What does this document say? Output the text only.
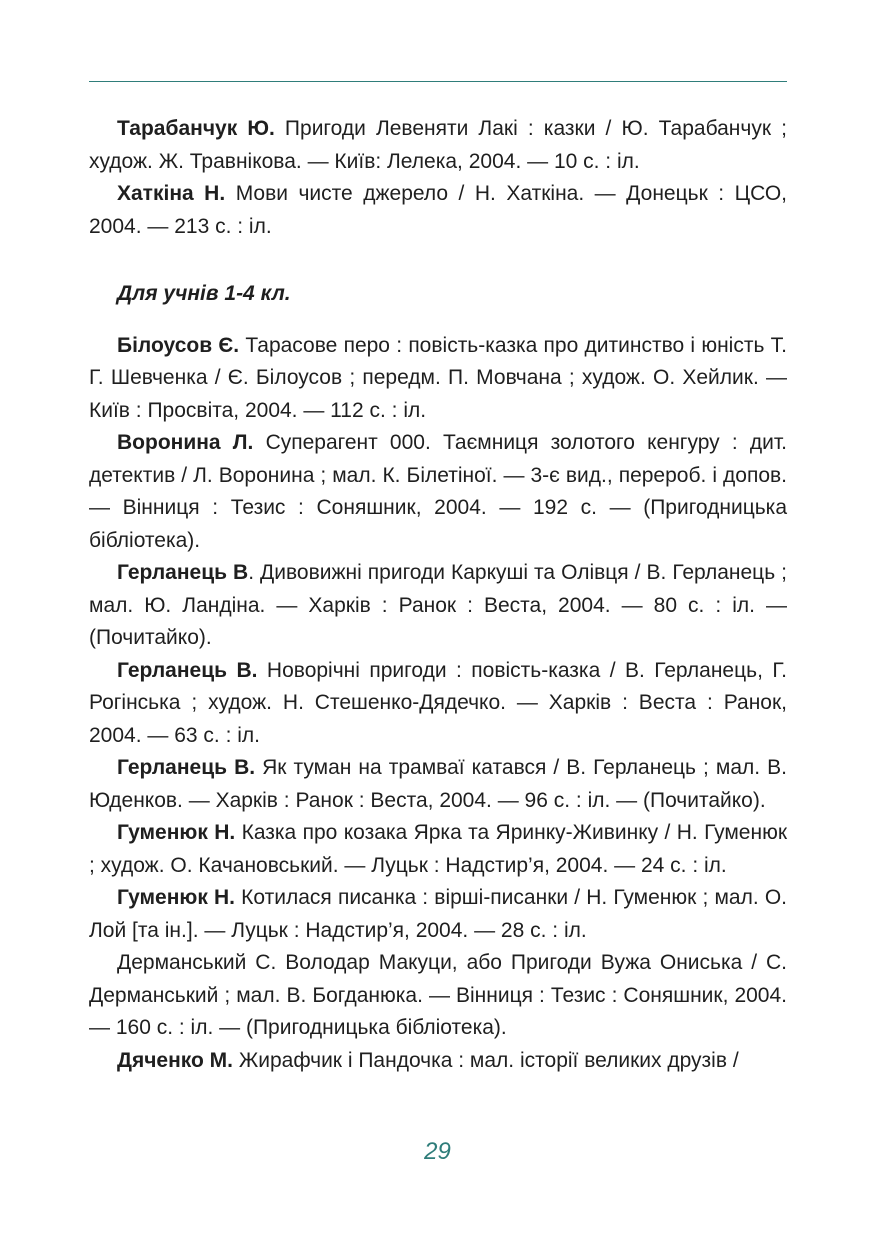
Тарабанчук Ю. Пригоди Левеняти Лакі : казки / Ю. Тарабанчук ; худож. Ж. Травнікова. — Київ: Лелека, 2004. — 10 с. : іл.

Хаткіна Н. Мови чисте джерело / Н. Хаткіна. — Донецьк : ЦСО, 2004. — 213 с. : іл.

Для учнів 1-4 кл.

Білоусов Є. Тарасове перо : повість-казка про дитинство і юність Т. Г. Шевченка / Є. Білоусов ; передм. П. Мовчана ; худож. О. Хейлик. — Київ : Просвіта, 2004. — 112 с. : іл.

Воронина Л. Суперагент 000. Таємниця золотого кенгуру : дит. детектив / Л. Воронина ; мал. К. Білетіної. — 3-є вид., перероб. і допов. — Вінниця : Тезис : Соняшник, 2004. — 192 с. — (Пригодницька бібліотека).

Герланець В. Дивовижні пригоди Каркуші та Олівця / В. Герланець ; мал. Ю. Ландіна. — Харків : Ранок : Веста, 2004. — 80 с. : іл. — (Почитайко).

Герланець В. Новорічні пригоди : повість-казка / В. Герланець, Г. Рогінська ; худож. Н. Стешенко-Дядечко. — Харків : Веста : Ранок, 2004. — 63 с. : іл.

Герланець В. Як туман на трамваї катався / В. Герланець ; мал. В. Юденков. — Харків : Ранок : Веста, 2004. — 96 с. : іл. — (Почитайко).

Гуменюк Н. Казка про козака Ярка та Яринку-Живинку / Н. Гуменюк ; худож. О. Качановський. — Луцьк : Надстир’я, 2004. — 24 с. : іл.

Гуменюк Н. Котилася писанка : вірші-писанки / Н. Гуменюк ; мал. О. Лой [та ін.]. — Луцьк : Надстир’я, 2004. — 28 с. : іл.

Дерманський С. Володар Макуци, або Пригоди Вужа Ониська / С. Дерманський ; мал. В. Богданюка. — Вінниця : Тезис : Соняшник, 2004. — 160 с. : іл. — (Пригодницька бібліотека).

Дяченко М. Жирафчик і Пандочка : мал. історії великих друзів /

29
